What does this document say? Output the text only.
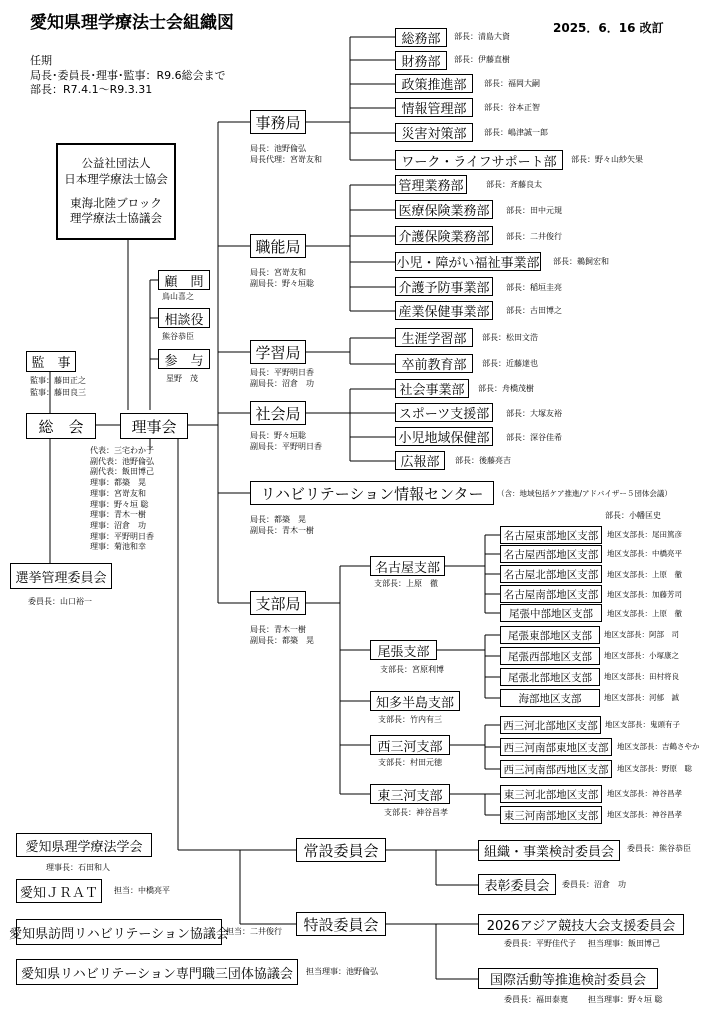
愛知県理学療法士会組織図	2025．6．16 改訂
任期
局長･委員長･理事･監事：R9.6総会まで
部長：R7.4.1～R9.3.31
公益社団法人
日本理学療法士協会
東海北陸ブロック
理学療法士協議会
顧　問
鳥山喜之
相談役
熊谷恭臣
参　与
星野　茂
監　事
監事：藤田正之
監事：藤田良三
総　会	理事会
代表：三宅わか子
副代表：池野倫弘
副代表：飯田博己
理事：都築　晃
理事：宮嵜友和
理事：野々垣 聡
理事：青木一樹
理事：沼倉　功
理事：平野明日香
理事：菊池和幸
選挙管理委員会
委員長：山口裕一
事務局
局長：池野倫弘
局長代理：宮嵜友和
総務部	部長：清島大資
財務部	部長：伊藤直樹
政策推進部	部長：福岡大嗣
情報管理部	部長：谷本正智
災害対策部	部長：嶋津誠一郎
ワーク・ライフサポート部	部長：野々山紗矢果
職能局
局長：宮嵜友和
副局長：野々垣聡
管理業務部	部長：斉藤良太
医療保険業務部	部長：田中元規
介護保険業務部	部長：二井俊行
小児・障がい福祉事業部 部長：鵜飼宏和
介護予防事業部	部長：稲垣圭亮
産業保健事業部	部長：古田博之
学習局
局長：平野明日香
副局長：沼倉　功
生涯学習部	部長：松田文浩
卒前教育部	部長：近藤達也
社会局
局長：野々垣聡
副局長：平野明日香
社会事業部	部長：舟橋茂樹
スポーツ支援部	部長：大塚友裕
小児地域保健部	部長：深谷佳希
広報部	部長：後藤亮吉
リハビリテーション情報センター	（含：地域包括ケア推進/アドバイザー５団体会議）
局長：都築　晃
副局長：青木一樹
支部局
局長：青木一樹
副局長：都築　晃
名古屋支部
支部長：上原　徹
部長：小幡匡史
名古屋東部地区支部	地区支部長：尾田篤彦
名古屋西部地区支部	地区支部長：中橋亮平
名古屋北部地区支部	地区支部長：上原　徹
名古屋南部地区支部	地区支部長：加藤芳司
尾張中部地区支部	地区支部長：上原　徹
尾張支部
支部長：宮原利博
尾張東部地区支部	地区支部長：阿部　司
尾張西部地区支部	地区支部長：小塚康之
尾張北部地区支部	地区支部長：田村将良
海部地区支部	地区支部長：河郁　誠
知多半島支部
支部長：竹内有三
西三河支部
支部長：村田元徳
西三河北部地区支部 地区支部長：鬼頭有子
西三河南部東地区支部	地区支部長：吉鶴さやか
西三河南部西地区支部	地区支部長：野原　聡
東三河支部
支部長：神谷昌孝
東三河北部地区支部	地区支部長：神谷昌孝
東三河南部地区支部	地区支部長：神谷昌孝
常設委員会	組織・事業検討委員会	委員長：熊谷恭臣
表彰委員会	委員長：沼倉　功
特設委員会	2026アジア競技大会支援委員会
委員長：平野佳代子 担当理事：飯田博己
国際活動等推進検討委員会
委員長：福田泰寛	担当理事：野々垣 聡
愛知県理学療法学会
理事長：石田和人
愛知ＪＲＡＴ	担当：中橋亮平
愛知県訪問リハビリテーション協議会
担当：二井俊行
愛知県リハビリテーション専門職三団体協議会	担当理事：池野倫弘
